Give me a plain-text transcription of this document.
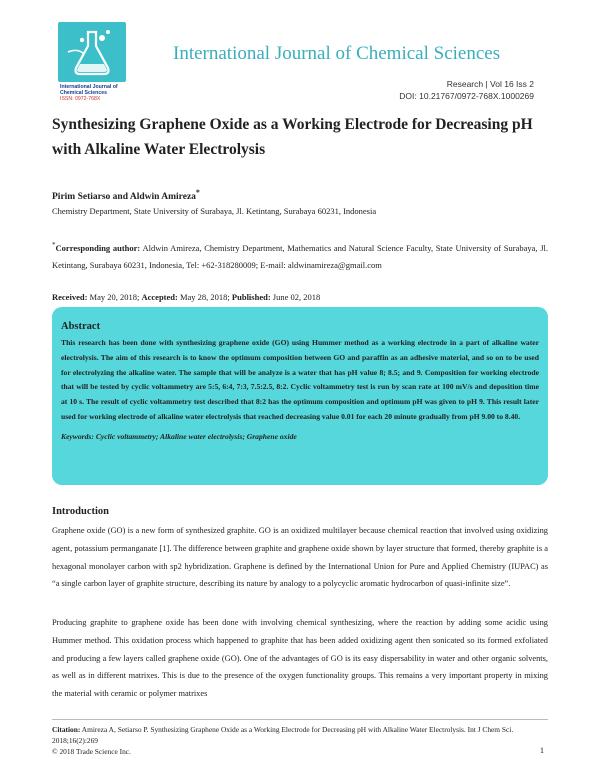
International Journal of
Chemical Sciences
ISSN: 0972-768X
International Journal of Chemical Sciences
Research | Vol 16 Iss 2
DOI: 10.21767/0972-768X.1000269
Synthesizing Graphene Oxide as a Working Electrode for Decreasing pH with Alkaline Water Electrolysis
Pirim Setiarso and Aldwin Amireza*
Chemistry Department, State University of Surabaya, Jl. Ketintang, Surabaya 60231, Indonesia
*Corresponding author: Aldwin Amireza, Chemistry Department, Mathematics and Natural Science Faculty, State University of Surabaya, Jl. Ketintang, Surabaya 60231, Indonesia, Tel: +62-318280009; E-mail: aldwinamireza@gmail.com
Received: May 20, 2018; Accepted: May 28, 2018; Published: June 02, 2018
Abstract
This research has been done with synthesizing graphene oxide (GO) using Hummer method as a working electrode in a part of alkaline water electrolysis. The aim of this research is to know the optimum composition between GO and paraffin as an adhesive material, and so on to be used for electrolyzing the alkaline water. The sample that will be analyze is a water that has pH value 8; 8.5; and 9. Composition for working electrode that will be tested by cyclic voltammetry are 5:5, 6:4, 7:3, 7.5:2.5, 8:2. Cyclic voltammetry test is run by scan rate at 100 mV/s and deposition time at 10 s. The result of cyclic voltammetry test described that 8:2 has the optimum composition and optimum pH was given to pH 9. This result later used for working electrode of alkaline water electrolysis that reached decreasing value 0.01 for each 20 minute gradually from pH 9.00 to 8.40.
Keywords: Cyclic voltammetry; Alkaline water electrolysis; Graphene oxide
Introduction
Graphene oxide (GO) is a new form of synthesized graphite. GO is an oxidized multilayer because chemical reaction that involved using oxidizing agent, potassium permanganate [1]. The difference between graphite and graphene oxide shown by layer structure that formed, thereby graphite is a hexagonal monolayer carbon with sp2 hybridization. Graphene is defined by the International Union for Pure and Applied Chemistry (IUPAC) as “a single carbon layer of graphite structure, describing its nature by analogy to a polycyclic aromatic hydrocarbon of quasi-infinite size”.
Producing graphite to graphene oxide has been done with involving chemical synthesizing, where the reaction by adding some acidic using Hummer method. This oxidation process which happened to graphite that has been added oxidizing agent then sonicated so its formed exfoliated and producing a few layers called graphene oxide (GO). One of the advantages of GO is its easy dispersability in water and other organic solvents, as well as in different matrixes. This is due to the presence of the oxygen functionality groups. This remains a very important property in mixing the material with ceramic or polymer matrixes
Citation: Amireza A, Setiarso P. Synthesizing Graphene Oxide as a Working Electrode for Decreasing pH with Alkaline Water Electrolysis. Int J Chem Sci. 2018;16(2):269
© 2018 Trade Science Inc.	1
